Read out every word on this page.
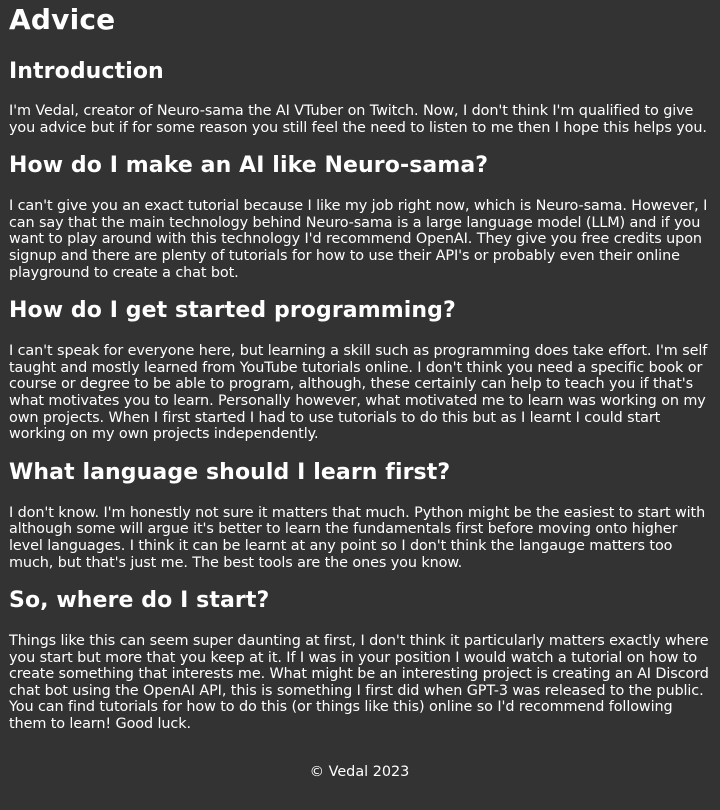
Advice
Introduction

I'm Vedal, creator of Neuro-sama the AI VTuber on Twitch. Now, I don't think I'm qualified to give you advice but if for some reason you still feel the need to listen to me then I hope this helps you.

How do I make an AI like Neuro-sama?

I can't give you an exact tutorial because I like my job right now, which is Neuro-sama. However, I can say that the main technology behind Neuro-sama is a large language model (LLM) and if you want to play around with this technology I'd recommend OpenAI. They give you free credits upon signup and there are plenty of tutorials for how to use their API's or probably even their online playground to create a chat bot.

How do I get started programming?

I can't speak for everyone here, but learning a skill such as programming does take effort. I'm self taught and mostly learned from YouTube tutorials online. I don't think you need a specific book or course or degree to be able to program, although, these certainly can help to teach you if that's what motivates you to learn. Personally however, what motivated me to learn was working on my own projects. When I first started I had to use tutorials to do this but as I learnt I could start working on my own projects independently.

What language should I learn first?

I don't know. I'm honestly not sure it matters that much. Python might be the easiest to start with although some will argue it's better to learn the fundamentals first before moving onto higher level languages. I think it can be learnt at any point so I don't think the langauge matters too much, but that's just me. The best tools are the ones you know.

So, where do I start?

Things like this can seem super daunting at first, I don't think it particularly matters exactly where you start but more that you keep at it. If I was in your position I would watch a tutorial on how to create something that interests me. What might be an interesting project is creating an AI Discord chat bot using the OpenAI API, this is something I first did when GPT-3 was released to the public. You can find tutorials for how to do this (or things like this) online so I'd recommend following them to learn! Good luck.

© Vedal 2023
